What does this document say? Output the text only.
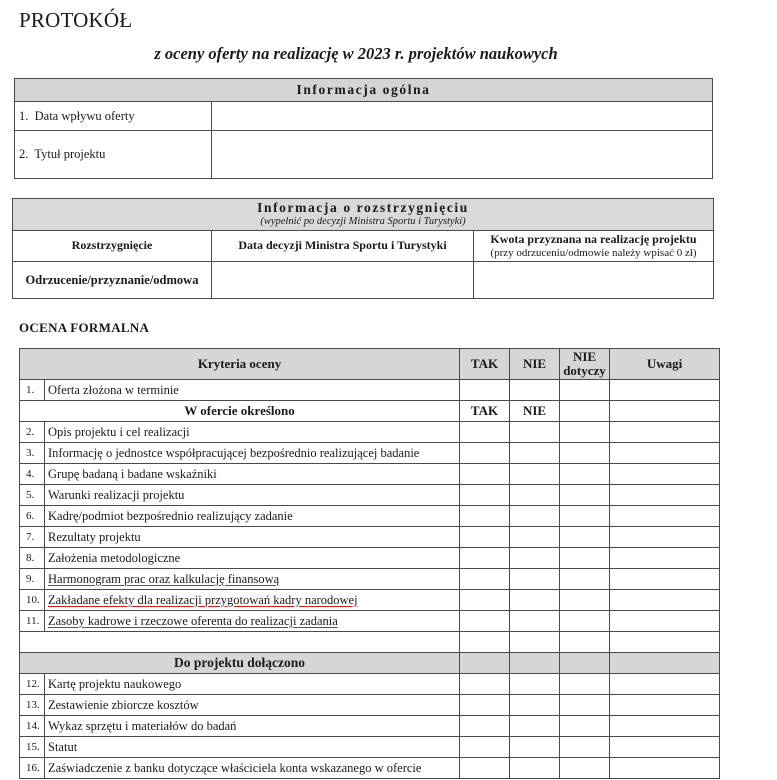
PROTOKÓŁ
z oceny oferty na realizację w 2023 r. projektów naukowych
Informacja ogólna	
1. Data wpływu oferty	
2. Tytuł projektu	
Informacja o rozstrzygnięciu
(wypełnić po decyzji Ministra Sportu i Turystyki)		

Rozstrzygnięcie	Data decyzji Ministra Sportu i Turystyki	Kwota przyznana na realizację projektu
(przy odrzuceniu/odmowie należy wpisać 0 zł)

Odrzucenie/przyznanie/odmowa		
OCENA FORMALNA
Kryteria oceny		TAK	NIE	NIE dotyczy	Uwagi
1.	Oferta złożona w terminie				
W ofercie określono		TAK	NIE		
2.	Opis projektu i cel realizacji				
3.	Informację o jednostce współpracującej bezpośrednio realizującej badanie				
4.	Grupę badaną i badane wskaźniki				
5.	Warunki realizacji projektu				
6.	Kadrę/podmiot bezpośrednio realizujący zadanie				
7.	Rezultaty projektu				
8.	Założenia metodologiczne				
9.	Harmonogram prac oraz kalkulację finansową				
10.	Zakładane efekty dla realizacji przygotowań kadry narodowej				
11.	Zasoby kadrowe i rzeczowe oferenta do realizacji zadania				

Do projektu dołączono					
12.	Kartę projektu naukowego				
13.	Zestawienie zbiorcze kosztów				
14.	Wykaz sprzętu i materiałów do badań				
15.	Statut				
16.	Zaświadczenie z banku dotyczące właściciela konta wskazanego w ofercie				
